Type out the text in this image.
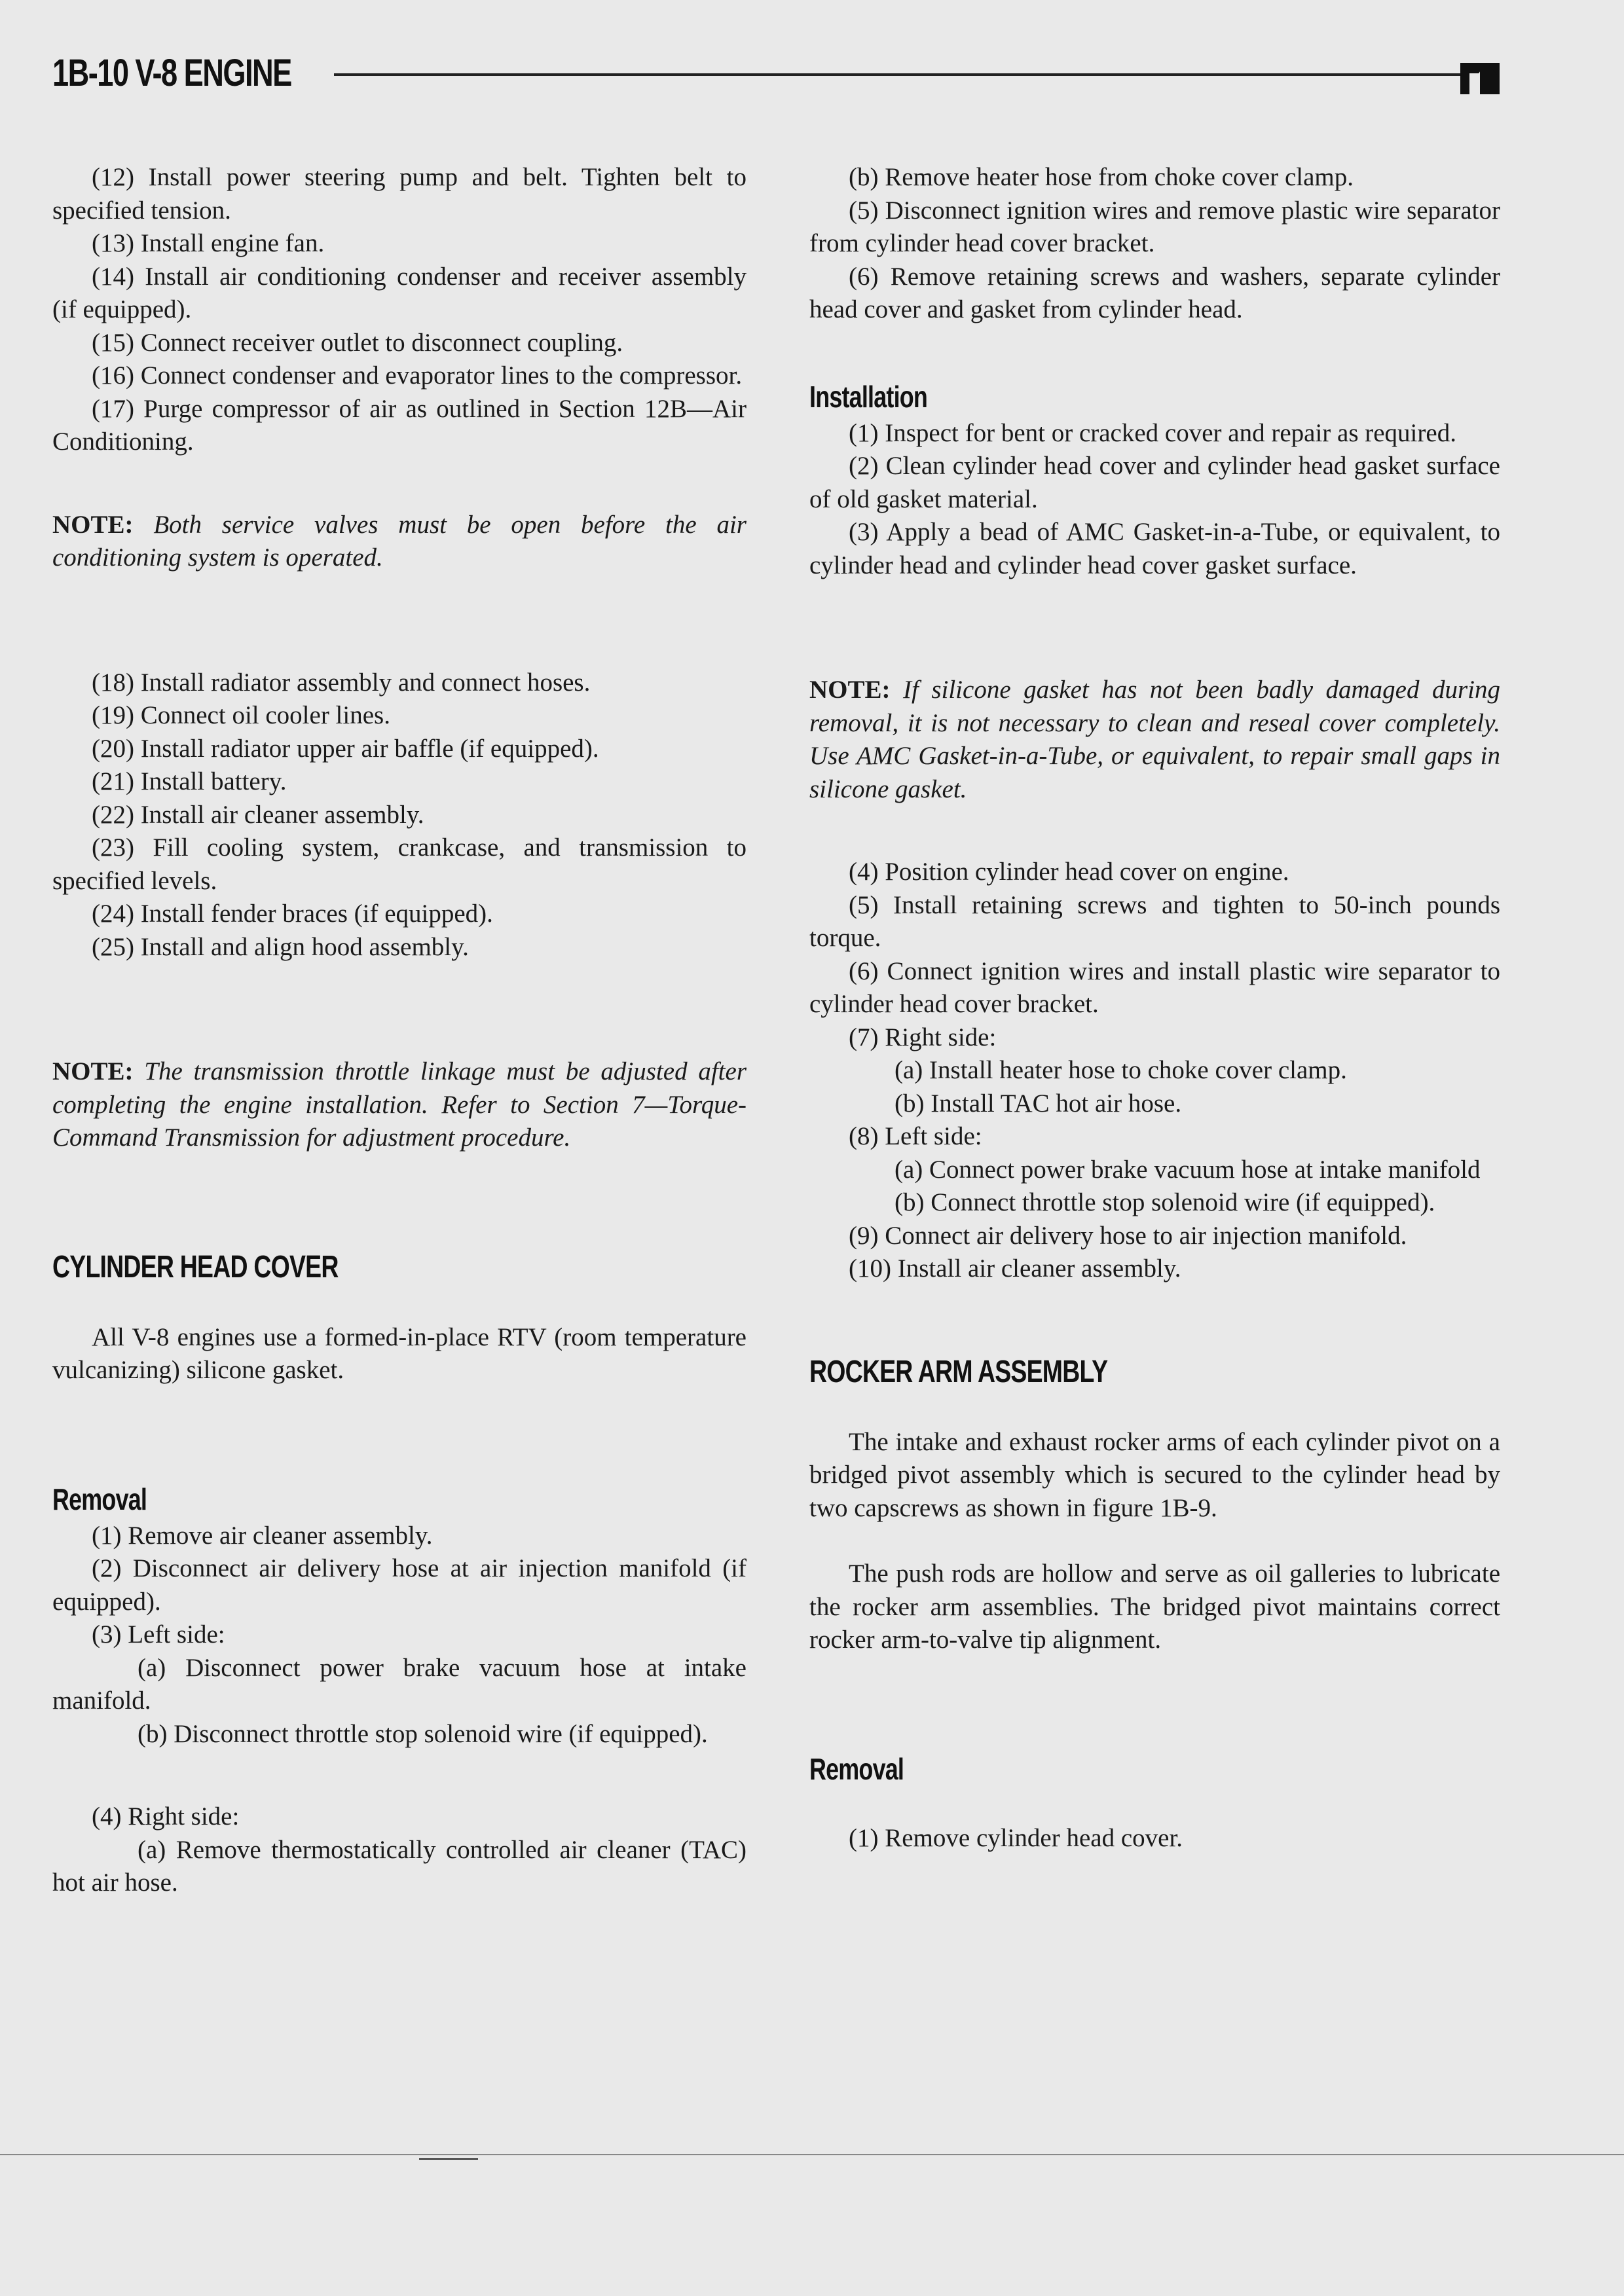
1B-10 V-8 ENGINE

(12) Install power steering pump and belt. Tighten belt to specified tension.

(13) Install engine fan.

(14) Install air conditioning condenser and receiver assembly (if equipped).

(15) Connect receiver outlet to disconnect coupling.

(16) Connect condenser and evaporator lines to the compressor.

(17) Purge compressor of air as outlined in Section 12B—Air Conditioning.

NOTE: Both service valves must be open before the air conditioning system is operated.

(18) Install radiator assembly and connect hoses.

(19) Connect oil cooler lines.

(20) Install radiator upper air baffle (if equipped).

(21) Install battery.

(22) Install air cleaner assembly.

(23) Fill cooling system, crankcase, and transmission to specified levels.

(24) Install fender braces (if equipped).

(25) Install and align hood assembly.

NOTE: The transmission throttle linkage must be adjusted after completing the engine installation. Refer to Section 7—Torque-Command Transmission for adjustment procedure.

CYLINDER HEAD COVER

All V-8 engines use a formed-in-place RTV (room temperature vulcanizing) silicone gasket.

Removal

(1) Remove air cleaner assembly.

(2) Disconnect air delivery hose at air injection manifold (if equipped).

(3) Left side:

(a) Disconnect power brake vacuum hose at intake manifold.

(b) Disconnect throttle stop solenoid wire (if equipped).

(4) Right side:

(a) Remove thermostatically controlled air cleaner (TAC) hot air hose.

(b) Remove heater hose from choke cover clamp.

(5) Disconnect ignition wires and remove plastic wire separator from cylinder head cover bracket.

(6) Remove retaining screws and washers, separate cylinder head cover and gasket from cylinder head.

Installation

(1) Inspect for bent or cracked cover and repair as required.

(2) Clean cylinder head cover and cylinder head gasket surface of old gasket material.

(3) Apply a bead of AMC Gasket-in-a-Tube, or equivalent, to cylinder head and cylinder head cover gasket surface.

NOTE: If silicone gasket has not been badly damaged during removal, it is not necessary to clean and reseal cover completely. Use AMC Gasket-in-a-Tube, or equivalent, to repair small gaps in silicone gasket.

(4) Position cylinder head cover on engine.

(5) Install retaining screws and tighten to 50-inch pounds torque.

(6) Connect ignition wires and install plastic wire separator to cylinder head cover bracket.

(7) Right side:

(a) Install heater hose to choke cover clamp.

(b) Install TAC hot air hose.

(8) Left side:

(a) Connect power brake vacuum hose at intake manifold

(b) Connect throttle stop solenoid wire (if equipped).

(9) Connect air delivery hose to air injection manifold.

(10) Install air cleaner assembly.

ROCKER ARM ASSEMBLY

The intake and exhaust rocker arms of each cylinder pivot on a bridged pivot assembly which is secured to the cylinder head by two capscrews as shown in figure 1B-9.

The push rods are hollow and serve as oil galleries to lubricate the rocker arm assemblies. The bridged pivot maintains correct rocker arm-to-valve tip alignment.

Removal

(1) Remove cylinder head cover.
